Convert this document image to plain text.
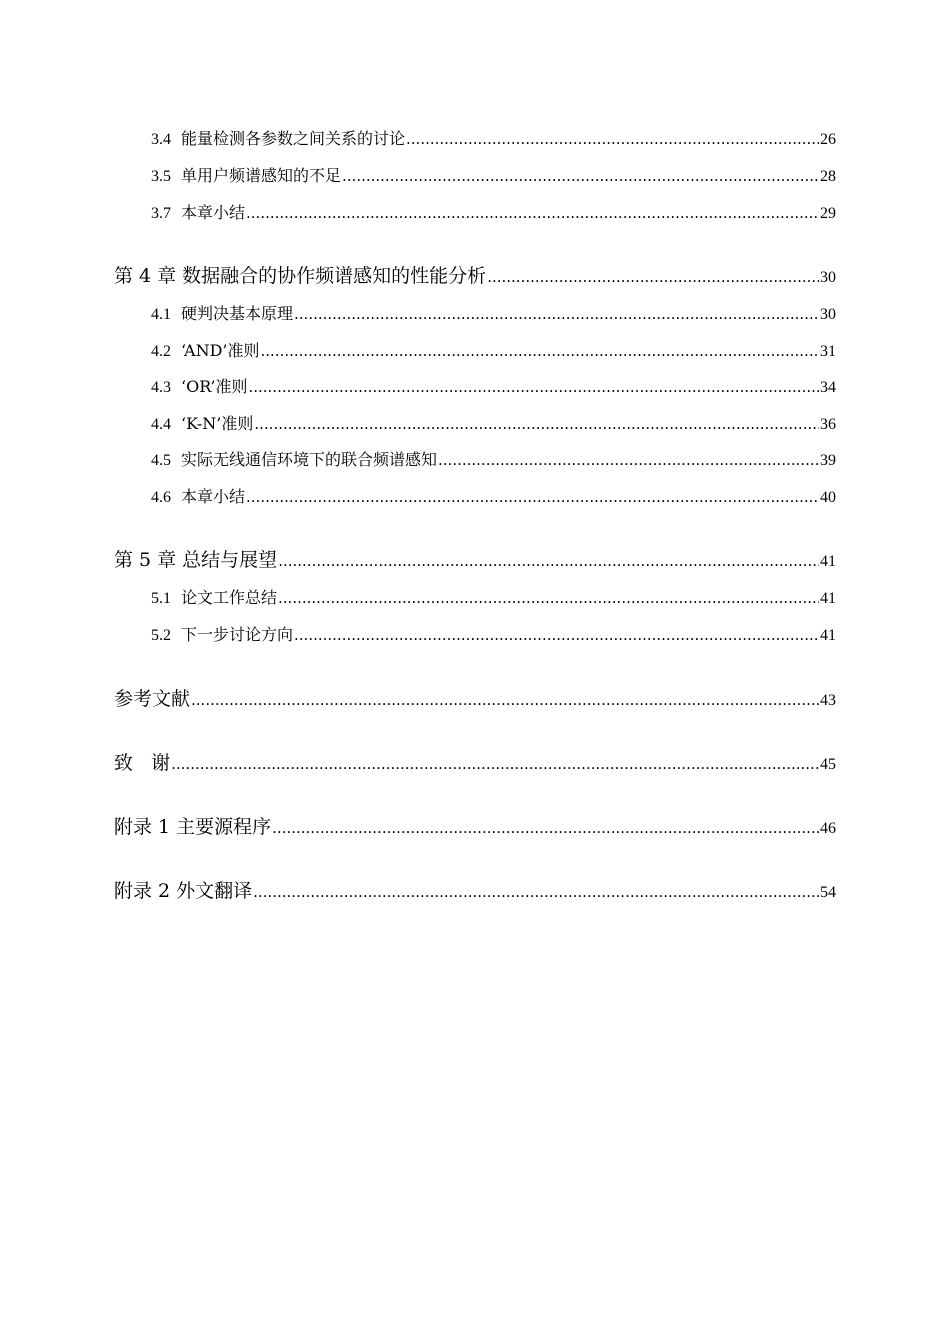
3.4 能量检测各参数之间关系的讨论 .....	26
3.5 单用户频谱感知的不足 .....	28
3.7 本章小结 .....	29
第 4 章 数据融合的协作频谱感知的性能分析 .....	30
4.1 硬判决基本原理 .....	30
4.2 ‘AND’准则 .....	31
4.3 ‘OR’准则 .....	34
4.4 ‘K-N’准则 .....	36
4.5 实际无线通信环境下的联合频谱感知 .....	39
4.6 本章小结 .....	40
第 5 章 总结与展望 .....	41
5.1 论文工作总结 .....	41
5.2 下一步讨论方向 .....	41
参考文献 .....	43
致   谢 .....	45
附录 1 主要源程序 .....	46
附录 2 外文翻译 .....	54
